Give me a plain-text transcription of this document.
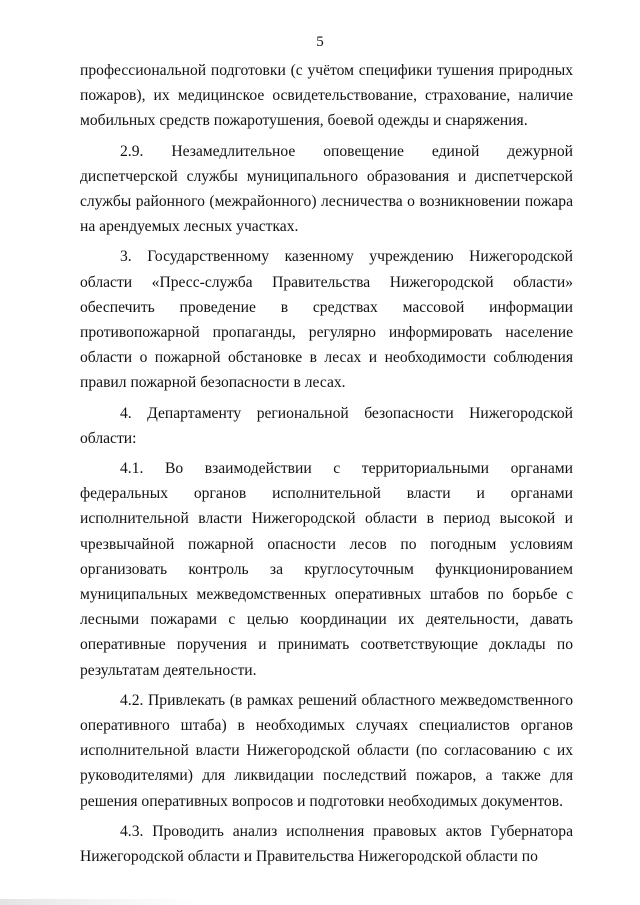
5

профессиональной подготовки (с учётом специфики тушения природных пожаров), их медицинское освидетельствование, страхование, наличие мобильных средств пожаротушения, боевой одежды и снаряжения.

2.9. Незамедлительное оповещение единой дежурной диспетчерской службы муниципального образования и диспетчерской службы районного (межрайонного) лесничества о возникновении пожара на арендуемых лесных участках.

3. Государственному казенному учреждению Нижегородской области «Пресс-служба Правительства Нижегородской области» обеспечить проведение в средствах массовой информации противопожарной пропаганды, регулярно информировать население области о пожарной обстановке в лесах и необходимости соблюдения правил пожарной безопасности в лесах.

4. Департаменту региональной безопасности Нижегородской области:

4.1. Во взаимодействии с территориальными органами федеральных органов исполнительной власти и органами исполнительной власти Нижегородской области в период высокой и чрезвычайной пожарной опасности лесов по погодным условиям организовать контроль за круглосуточным функционированием муниципальных межведомственных оперативных штабов по борьбе с лесными пожарами с целью координации их деятельности, давать оперативные поручения и принимать соответствующие доклады по результатам деятельности.

4.2. Привлекать (в рамках решений областного межведомственного оперативного штаба) в необходимых случаях специалистов органов исполнительной власти Нижегородской области (по согласованию с их руководителями) для ликвидации последствий пожаров, а также для решения оперативных вопросов и подготовки необходимых документов.

4.3. Проводить анализ исполнения правовых актов Губернатора Нижегородской области и Правительства Нижегородской области по
